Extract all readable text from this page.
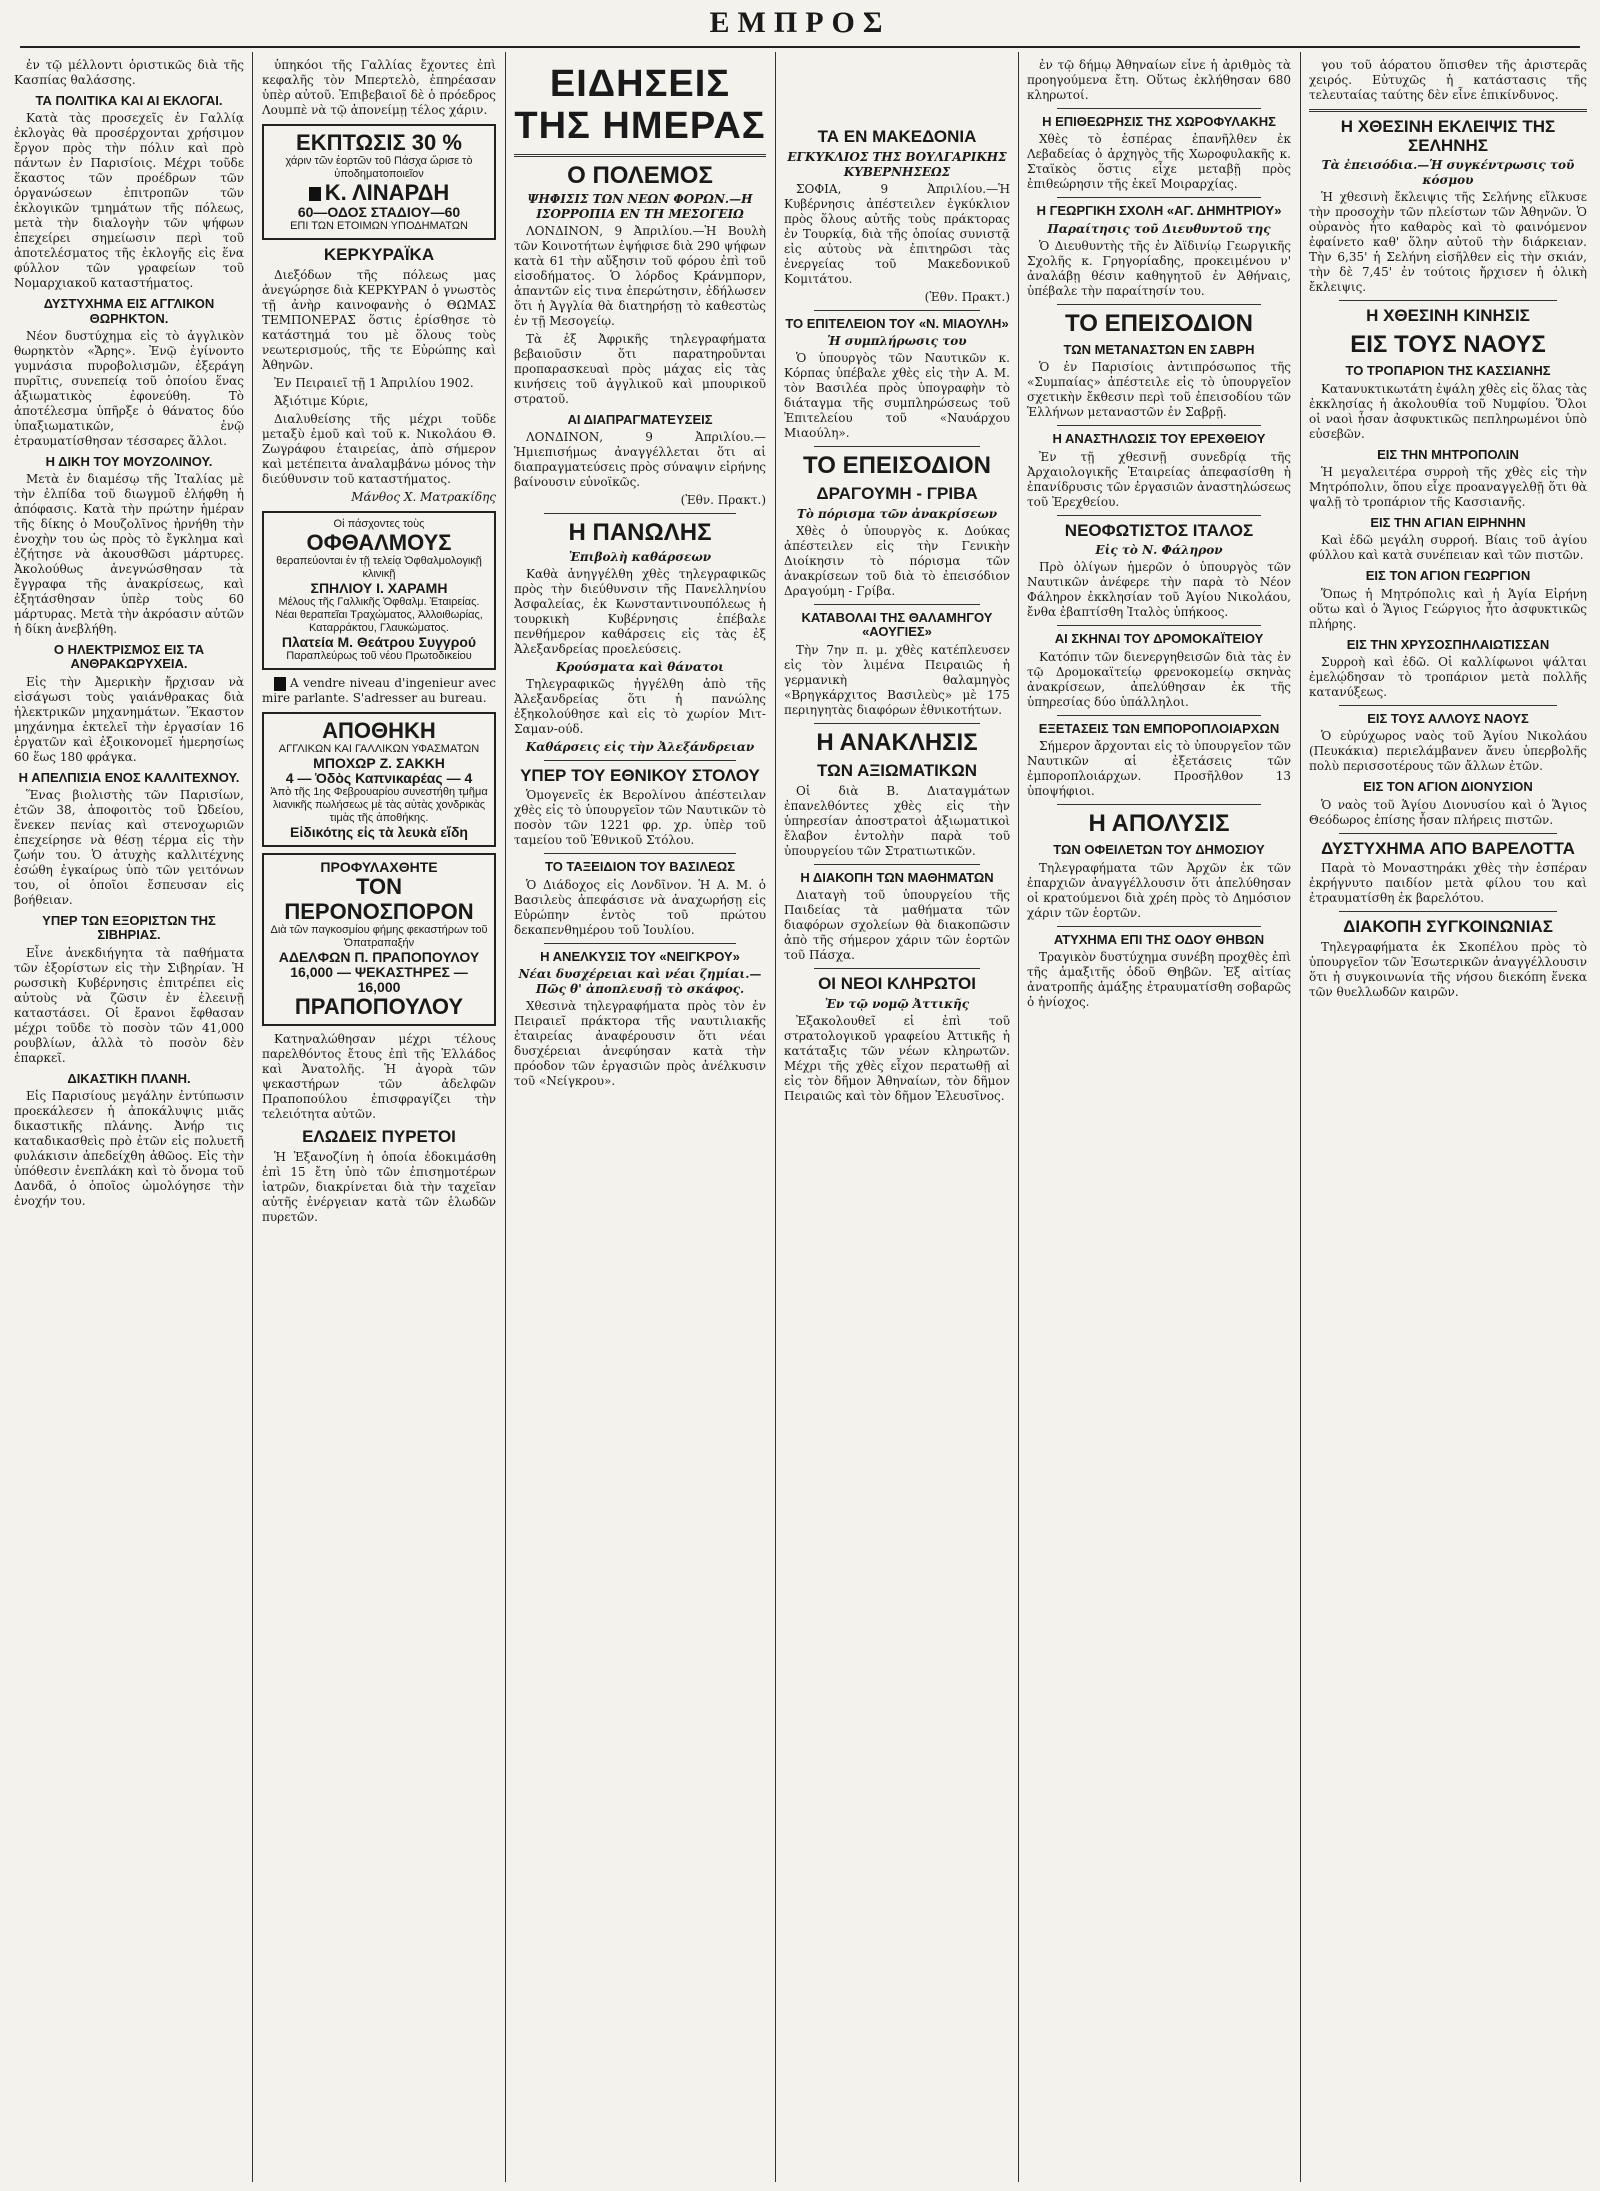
ΕΜΠΡΟΣ

ἐν τῷ μέλλοντι ὁριστικῶς διὰ τῆς Κασπίας θαλάσσης.

ΤΑ ΠΟΛΙΤΙΚΑ ΚΑΙ ΑΙ ΕΚΛΟΓΑΙ.

Κατὰ τὰς προσεχεῖς ἐν Γαλλίᾳ ἐκλογὰς θὰ προσέρχονται χρήσιμον ἔργον πρὸς τὴν πόλιν καὶ πρὸ πάντων ἐν Παρισίοις. Μέχρι τοῦδε ἕκαστος τῶν προέδρων τῶν ὁργανώσεων ἐπιτροπῶν τῶν ἐκλογικῶν τμημάτων τῆς πόλεως, μετὰ τὴν διαλογὴν τῶν ψήφων ἐπεχείρει σημείωσιν περὶ τοῦ ἀποτελέσματος τῆς ἐκλογῆς εἰς ἕνα φύλλον τῶν γραφείων τοῦ Νομαρχιακοῦ καταστήματος.

ΔΥΣΤΥΧΗΜΑ ΕΙΣ ΑΓΓΛΙΚΟΝ ΘΩΡΗΚΤΟΝ.

Νέον δυστύχημα εἰς τὸ ἀγγλικὸν θωρηκτὸν «Ἄρης». Ἐνῷ ἐγίνοντο γυμνάσια πυροβολισμῶν, ἐξεράγη πυρῖτις, συνεπείᾳ τοῦ ὁποίου ἕνας ἀξιωματικὸς ἐφονεύθη. Τὸ ἀποτέλεσμα ὑπῆρξε ὁ θάνατος δύο ὑπαξιωματικῶν, ἐνῷ ἐτραυματίσθησαν τέσσαρες ἄλλοι.

Η ΔΙΚΗ ΤΟΥ ΜΟΥΖΟΛΙΝΟΥ.

Μετὰ ἐν διαμέσῳ τῆς Ἰταλίας μὲ τὴν ἐλπίδα τοῦ διωγμοῦ ἐλήφθη ἡ ἀπόφασις. Κατὰ τὴν πρώτην ἡμέραν τῆς δίκης ὁ Μουζολῖνος ἠρνήθη τὴν ἐνοχὴν του ὡς πρὸς τὸ ἔγκλημα καὶ ἐζήτησε νὰ ἀκουσθῶσι μάρτυρες. Ἀκολούθως ἀνεγνώσθησαν τὰ ἔγγραφα τῆς ἀνακρίσεως, καὶ ἐξητάσθησαν ὑπὲρ τοὺς 60 μάρτυρας. Μετὰ τὴν ἀκρόασιν αὐτῶν ἡ δίκη ἀνεβλήθη.

Ο ΗΛΕΚΤΡΙΣΜΟΣ ΕΙΣ ΤΑ ΑΝΘΡΑΚΩΡΥΧΕΙΑ.

Εἰς τὴν Ἀμερικὴν ἤρχισαν νὰ εἰσάγωσι τοὺς γαιάνθρακας διὰ ἠλεκτρικῶν μηχανημάτων. Ἕκαστον μηχάνημα ἐκτελεῖ τὴν ἐργασίαν 16 ἐργατῶν καὶ ἐξοικονομεῖ ἡμερησίως 60 ἕως 180 φράγκα.

Η ΑΠΕΛΠΙΣΙΑ ΕΝΟΣ ΚΑΛΛΙΤΕΧΝΟΥ.

Ἕνας βιολιστὴς τῶν Παρισίων, ἐτῶν 38, ἀποφοιτὸς τοῦ Ὠδείου, ἕνεκεν πενίας καὶ στενοχωριῶν ἐπεχείρησε νὰ θέσῃ τέρμα εἰς τὴν ζωήν του. Ὁ ἀτυχὴς καλλιτέχνης ἐσώθη ἐγκαίρως ὑπὸ τῶν γειτόνων του, οἱ ὁποῖοι ἔσπευσαν εἰς βοήθειαν.

ΥΠΕΡ ΤΩΝ ΕΞΟΡΙΣΤΩΝ ΤΗΣ ΣΙΒΗΡΙΑΣ.

Εἶνε ἀνεκδιήγητα τὰ παθήματα τῶν ἐξορίστων εἰς τὴν Σιβηρίαν. Ἡ ρωσσικὴ Κυβέρνησις ἐπιτρέπει εἰς αὐτοὺς νὰ ζῶσιν ἐν ἐλεεινῇ καταστάσει. Οἱ ἔρανοι ἔφθασαν μέχρι τοῦδε τὸ ποσὸν τῶν 41,000 ρουβλίων, ἀλλὰ τὸ ποσὸν δὲν ἐπαρκεῖ.

ΔΙΚΑΣΤΙΚΗ ΠΛΑΝΗ.

Εἰς Παρισίους μεγάλην ἐντύπωσιν προεκάλεσεν ἡ ἀποκάλυψις μιᾶς δικαστικῆς πλάνης. Ἀνήρ τις καταδικασθεὶς πρὸ ἐτῶν εἰς πολυετῆ φυλάκισιν ἀπεδείχθη ἀθῶος. Εἰς τὴν ὑπόθεσιν ἐνεπλάκη καὶ τὸ ὄνομα τοῦ Δανδᾶ, ὁ ὁποῖος ὡμολόγησε τὴν ἐνοχήν του.

ὑπηκόοι τῆς Γαλλίας ἔχοντες ἐπὶ κεφαλῆς τὸν Μπερτελὸ, ἐπηρέασαν ὑπὲρ αὐτοῦ. Ἐπιβεβαιοῖ δὲ ὁ πρόεδρος Λουμπὲ νὰ τῷ ἀπονείμῃ τέλος χάριν.

ΕΚΠΤΩΣΙΣ 30 %
χάριν τῶν ἑορτῶν τοῦ Πάσχα ὥρισε τὸ ὑποδηματοποιεῖον
Κ. ΛΙΝΑΡΔΗ
60—ΟΔΟΣ ΣΤΑΔΙΟΥ—60
ΕΠΙ ΤΩΝ ΕΤΟΙΜΩΝ ΥΠΟΔΗΜΑΤΩΝ
ΚΕΡΚΥΡΑΪΚΑ

Διεξόδων τῆς πόλεως μας ἀνεγώρησε διὰ ΚΕΡΚΥΡΑΝ ὁ γνωστὸς τῇ ἀνὴρ καινοφανὴς ὁ ΘΩΜΑΣ ΤΕΜΠΟΝΕΡΑΣ ὅστις ἐρίσθησε τὸ κατάστημά του μὲ ὅλους τοὺς νεωτερισμούς, τῆς τε Εὐρώπης καὶ Ἀθηνῶν.

Ἐν Πειραιεῖ τῇ 1 Ἀπριλίου 1902.

Ἀξιότιμε Κύριε,

Διαλυθείσης τῆς μέχρι τοῦδε μεταξὺ ἐμοῦ καὶ τοῦ κ. Νικολάου Θ. Ζωγράφου ἑταιρείας, ἀπὸ σήμερον καὶ μετέπειτα ἀναλαμβάνω μόνος τὴν διεύθυνσιν τοῦ καταστήματος.

Μάνθος Χ. Ματρακίδης

Οἱ πάσχοντες τοὺς
ΟΦΘΑΛΜΟΥΣ
θεραπεύονται ἐν τῇ τελείᾳ Ὀφθαλμολογικῇ κλινικῇ
ΣΠΗΛΙΟΥ Ι. ΧΑΡΑΜΗ
Μέλους τῆς Γαλλικῆς Ὀφθαλμ. Ἑταιρείας. Νέαι θεραπεῖαι Τραχώματος, Ἀλλοιθωρίας, Καταρράκτου, Γλαυκώματος.
Πλατεία Μ. Θεάτρου Συγγρού
Παραπλεύρως τοῦ νέου Πρωτοδικείου

A vendre niveau d'ingenieur avec mire parlante. S'adresser au bureau.

ΑΠΟΘΗΚΗ
ΑΓΓΛΙΚΩΝ ΚΑΙ ΓΑΛΛΙΚΩΝ ΥΦΑΣΜΑΤΩΝ
ΜΠΟΧΩΡ Ζ. ΣΑΚΚΗ
4 — Ὁδὸς Καπνικαρέας — 4
Ἀπὸ τῆς 1ης Φεβρουαρίου συνεστήθη τμῆμα λιανικῆς πωλήσεως μὲ τὰς αὐτὰς χονδρικὰς τιμὰς τῆς ἀποθήκης.
Εἰδικότης εἰς τὰ λευκὰ εἴδη
ΠΡΟΦΥΛΑΧΘΗΤΕ
ΤΟΝ ΠΕΡΟΝΟΣΠΟΡΟΝ
Διὰ τῶν παγκοσμίου φήμης φεκαστήρων τοῦ Ὀπατραπαξήν
ΑΔΕΛΦΩΝ Π. ΠΡΑΠΟΠΟΥΛΟΥ
16,000 — ΨΕΚΑΣΤΗΡΕΣ — 16,000
ΠΡΑΠΟΠΟΥΛΟΥ

Κατηναλώθησαν μέχρι τέλους παρελθόντος ἔτους ἐπὶ τῆς Ἑλλάδος καὶ Ἀνατολῆς. Ἡ ἀγορὰ τῶν ψεκαστήρων τῶν ἀδελφῶν Πραποπούλου ἐπισφραγίζει τὴν τελειότητα αὐτῶν.

ΕΛΩΔΕΙΣ ΠΥΡΕΤΟΙ

Ἡ Ἑξανοζίνη ἡ ὁποία ἐδοκιμάσθη ἐπὶ 15 ἔτη ὑπὸ τῶν ἐπισημοτέρων ἰατρῶν, διακρίνεται διὰ τὴν ταχεῖαν αὐτῆς ἐνέργειαν κατὰ τῶν ἑλωδῶν πυρετῶν.

ΕΙΔΗΣΕΙΣ ΤΗΣ ΗΜΕΡΑΣ
Ο ΠΟΛΕΜΟΣ
ΨΗΦΙΣΙΣ ΤΩΝ ΝΕΩΝ ΦΟΡΩΝ.—Η ΙΣΟΡΡΟΠΙΑ ΕΝ ΤΗ ΜΕΣΟΓΕΙΩ

ΛΟΝΔΙΝΟΝ, 9 Ἀπριλίου.—Ἡ Βουλὴ τῶν Κοινοτήτων ἐψήφισε διὰ 290 ψήφων κατὰ 61 τὴν αὔξησιν τοῦ φόρου ἐπὶ τοῦ εἰσοδήματος. Ὁ λόρδος Κράνμπορν, ἀπαντῶν εἰς τινα ἐπερώτησιν, ἐδήλωσεν ὅτι ἡ Ἀγγλία θὰ διατηρήσῃ τὸ καθεστὼς ἐν τῇ Μεσογείῳ.

Τὰ ἐξ Ἀφρικῆς τηλεγραφήματα βεβαιοῦσιν ὅτι παρατηροῦνται προπαρασκευαὶ πρὸς μάχας εἰς τὰς κινήσεις τοῦ ἀγγλικοῦ καὶ μπουρικοῦ στρατοῦ.

ΑΙ ΔΙΑΠΡΑΓΜΑΤΕΥΣΕΙΣ

ΛΟΝΔΙΝΟΝ, 9 Ἀπριλίου.—Ἡμιεπισήμως ἀναγγέλλεται ὅτι αἱ διαπραγματεύσεις πρὸς σύναψιν εἰρήνης βαίνουσιν εὐνοϊκῶς.

(Ἐθν. Πρακτ.)

Η ΠΑΝΩΛΗΣ
Ἐπιβολὴ καθάρσεων

Καθὰ ἀνηγγέλθη χθὲς τηλεγραφικῶς πρὸς τὴν διεύθυνσιν τῆς Πανελληνίου Ἀσφαλείας, ἐκ Κωνσταντινουπόλεως ἡ τουρκικὴ Κυβέρνησις ἐπέβαλε πενθήμερον καθάρσεις εἰς τὰς ἐξ Ἀλεξανδρείας προελεύσεις.

Κρούσματα καὶ θάνατοι

Τηλεγραφικῶς ἠγγέλθη ἀπὸ τῆς Ἀλεξανδρείας ὅτι ἡ πανώλης ἐξηκολούθησε καὶ εἰς τὸ χωρίον Μιτ-Σαμαν-ούδ.

Καθάρσεις εἰς τὴν Ἀλεξάνδρειαν
ΥΠΕΡ ΤΟΥ ΕΘΝΙΚΟΥ ΣΤΟΛΟΥ

Ὁμογενεῖς ἐκ Βερολίνου ἀπέστειλαν χθὲς εἰς τὸ ὑπουργεῖον τῶν Ναυτικῶν τὸ ποσὸν τῶν 1221 φρ. χρ. ὑπὲρ τοῦ ταμείου τοῦ Ἐθνικοῦ Στόλου.

ΤΟ ΤΑΞΕΙΔΙΟΝ ΤΟΥ ΒΑΣΙΛΕΩΣ

Ὁ Διάδοχος εἰς Λονδῖνον. Ἡ Α. Μ. ὁ Βασιλεὺς ἀπεφάσισε νὰ ἀναχωρήσῃ εἰς Εὐρώπην ἐντὸς τοῦ πρώτου δεκαπενθημέρου τοῦ Ἰουλίου.

Η ΑΝΕΛΚΥΣΙΣ ΤΟΥ «ΝΕΙΓΚΡΟΥ»
Νέαι δυσχέρειαι καὶ νέαι ζημίαι.—Πῶς θ' ἀποπλευσῇ τὸ σκάφος.

Χθεσινὰ τηλεγραφήματα πρὸς τὸν ἐν Πειραιεῖ πράκτορα τῆς ναυτιλιακῆς ἑταιρείας ἀναφέρουσιν ὅτι νέαι δυσχέρειαι ἀνεφύησαν κατὰ τὴν πρόοδον τῶν ἐργασιῶν πρὸς ἀνέλκυσιν τοῦ «Νείγκρου».

ΤΑ ΕΝ ΜΑΚΕΔΟΝΙΑ
ΕΓΚΥΚΛΙΟΣ ΤΗΣ ΒΟΥΛΓΑΡΙΚΗΣ ΚΥΒΕΡΝΗΣΕΩΣ

ΣΟΦΙΑ, 9 Ἀπριλίου.—Ἡ Κυβέρνησις ἀπέστειλεν ἐγκύκλιον πρὸς ὅλους αὐτῆς τοὺς πράκτορας ἐν Τουρκίᾳ, διὰ τῆς ὁποίας συνιστᾷ εἰς αὐτοὺς νὰ ἐπιτηρῶσι τὰς ἐνεργείας τοῦ Μακεδονικοῦ Κομιτάτου.

(Ἐθν. Πρακτ.)

ΤΟ ΕΠΙΤΕΛΕΙΟΝ ΤΟΥ «Ν. ΜΙΑΟΥΛΗ»
Ἡ συμπλήρωσις του

Ὁ ὑπουργὸς τῶν Ναυτικῶν κ. Κόρπας ὑπέβαλε χθὲς εἰς τὴν Α. Μ. τὸν Βασιλέα πρὸς ὑπογραφὴν τὸ διάταγμα τῆς συμπληρώσεως τοῦ Ἐπιτελείου τοῦ «Ναυάρχου Μιαούλη».

ΤΟ ΕΠΕΙΣΟΔΙΟΝ
ΔΡΑΓΟΥΜΗ - ΓΡΙΒΑ
Τὸ πόρισμα τῶν ἀνακρίσεων

Χθὲς ὁ ὑπουργὸς κ. Δούκας ἀπέστειλεν εἰς τὴν Γενικὴν Διοίκησιν τὸ πόρισμα τῶν ἀνακρίσεων τοῦ διὰ τὸ ἐπεισόδιον Δραγούμη - Γρίβα.

ΚΑΤΑΒΟΛΑΙ ΤΗΣ ΘΑΛΑΜΗΓΟΥ «ΑΟΥΓΙΕΣ»

Τὴν 7ην π. μ. χθὲς κατέπλευσεν εἰς τὸν λιμένα Πειραιῶς ἡ γερμανικὴ θαλαμηγὸς «Βρηγκάρχιτος Βασιλεὺς» μὲ 175 περιηγητὰς διαφόρων ἐθνικοτήτων.

Η ΑΝΑΚΛΗΣΙΣ
ΤΩΝ ΑΞΙΩΜΑΤΙΚΩΝ

Οἱ διὰ Β. Διαταγμάτων ἐπανελθόντες χθὲς εἰς τὴν ὑπηρεσίαν ἀποστρατοὶ ἀξιωματικοὶ ἔλαβον ἐντολὴν παρὰ τοῦ ὑπουργείου τῶν Στρατιωτικῶν.

Η ΔΙΑΚΟΠΗ ΤΩΝ ΜΑΘΗΜΑΤΩΝ

Διαταγὴ τοῦ ὑπουργείου τῆς Παιδείας τὰ μαθήματα τῶν διαφόρων σχολείων θὰ διακοπῶσιν ἀπὸ τῆς σήμερον χάριν τῶν ἑορτῶν τοῦ Πάσχα.

ΟΙ ΝΕΟΙ ΚΛΗΡΩΤΟΙ
Ἐν τῷ νομῷ Ἀττικῆς

Ἐξακολουθεῖ εἰ ἐπὶ τοῦ στρατολογικοῦ γραφείου Ἀττικῆς ἡ κατάταξις τῶν νέων κληρωτῶν. Μέχρι τῆς χθὲς εἶχον περατωθῇ αἱ εἰς τὸν δῆμον Ἀθηναίων, τὸν δῆμον Πειραιῶς καὶ τὸν δῆμον Ἐλευσῖνος.

ἐν τῷ δήμῳ Ἀθηναίων εἶνε ἡ ἀριθμὸς τὰ προηγούμενα ἔτη. Οὕτως ἐκλήθησαν 680 κληρωτοί.

Η ΕΠΙΘΕΩΡΗΣΙΣ ΤΗΣ ΧΩΡΟΦΥΛΑΚΗΣ

Χθὲς τὸ ἑσπέρας ἐπανῆλθεν ἐκ Λεβαδείας ὁ ἀρχηγὸς τῆς Χωροφυλακῆς κ. Σταϊκὸς ὅστις εἶχε μεταβῇ πρὸς ἐπιθεώρησιν τῆς ἐκεῖ Μοιραρχίας.

Η ΓΕΩΡΓΙΚΗ ΣΧΟΛΗ «ΑΓ. ΔΗΜΗΤΡΙΟΥ»
Παραίτησις τοῦ Διευθυντοῦ της

Ὁ Διευθυντὴς τῆς ἐν Ἀϊδινίῳ Γεωργικῆς Σχολῆς κ. Γρηγορίαδης, προκειμένου ν' ἀναλάβῃ θέσιν καθηγητοῦ ἐν Ἀθήναις, ὑπέβαλε τὴν παραίτησίν του.

ΤΟ ΕΠΕΙΣΟΔΙΟΝ
ΤΩΝ ΜΕΤΑΝΑΣΤΩΝ ΕΝ ΣΑΒΡΗ

Ὁ ἐν Παρισίοις ἀντιπρόσωπος τῆς «Συμπαίας» ἀπέστειλε εἰς τὸ ὑπουργεῖον σχετικὴν ἔκθεσιν περὶ τοῦ ἐπεισοδίου τῶν Ἑλλήνων μεταναστῶν ἐν Σαβρῇ.

Η ΑΝΑΣΤΗΛΩΣΙΣ ΤΟΥ ΕΡΕΧΘΕΙΟΥ

Ἐν τῇ χθεσινῇ συνεδρίᾳ τῆς Ἀρχαιολογικῆς Ἑταιρείας ἀπεφασίσθη ἡ ἐπανίδρυσις τῶν ἐργασιῶν ἀναστηλώσεως τοῦ Ἐρεχθείου.

ΝΕΟΦΩΤΙΣΤΟΣ ΙΤΑΛΟΣ
Εἰς τὸ Ν. Φάληρον

Πρὸ ὀλίγων ἡμερῶν ὁ ὑπουργὸς τῶν Ναυτικῶν ἀνέφερε τὴν παρὰ τὸ Νέον Φάληρον ἐκκλησίαν τοῦ Ἁγίου Νικολάου, ἔνθα ἐβαπτίσθη Ἰταλὸς ὑπήκοος.

ΑΙ ΣΚΗΝΑΙ ΤΟΥ ΔΡΟΜΟΚΑΪΤΕΙΟΥ

Κατόπιν τῶν διενεργηθεισῶν διὰ τὰς ἐν τῷ Δρομοκαϊτείῳ φρενοκομείῳ σκηνὰς ἀνακρίσεων, ἀπελύθησαν ἐκ τῆς ὑπηρεσίας δύο ὑπάλληλοι.

ΕΞΕΤΑΣΕΙΣ ΤΩΝ ΕΜΠΟΡΟΠΛΟΙΑΡΧΩΝ

Σήμερον ἄρχονται εἰς τὸ ὑπουργεῖον τῶν Ναυτικῶν αἱ ἐξετάσεις τῶν ἐμποροπλοιάρχων. Προσῆλθον 13 ὑποψήφιοι.

Η ΑΠΟΛΥΣΙΣ
ΤΩΝ ΟΦΕΙΛΕΤΩΝ ΤΟΥ ΔΗΜΟΣΙΟΥ

Τηλεγραφήματα τῶν Ἀρχῶν ἐκ τῶν ἐπαρχιῶν ἀναγγέλλουσιν ὅτι ἀπελύθησαν οἱ κρατούμενοι διὰ χρέη πρὸς τὸ Δημόσιον χάριν τῶν ἑορτῶν.

ΑΤΥΧΗΜΑ ΕΠΙ ΤΗΣ ΟΔΟΥ ΘΗΒΩΝ

Τραγικὸν δυστύχημα συνέβη προχθὲς ἐπὶ τῆς ἁμαξιτῆς ὁδοῦ Θηβῶν. Ἐξ αἰτίας ἀνατροπῆς ἁμάξης ἐτραυματίσθη σοβαρῶς ὁ ἡνίοχος.

γου τοῦ ἀόρατου ὅπισθεν τῆς ἀριστερᾶς χειρός. Εὐτυχῶς ἡ κατάστασις τῆς τελευταίας ταύτης δὲν εἶνε ἐπικίνδυνος.

Η ΧΘΕΣΙΝΗ ΕΚΛΕΙΨΙΣ ΤΗΣ ΣΕΛΗΝΗΣ
Τὰ ἐπεισόδια.—Ἡ συγκέντρωσις τοῦ κόσμου

Ἡ χθεσινὴ ἔκλειψις τῆς Σελήνης εἴλκυσε τὴν προσοχὴν τῶν πλείστων τῶν Ἀθηνῶν. Ὁ οὐρανὸς ἦτο καθαρὸς καὶ τὸ φαινόμενον ἐφαίνετο καθ' ὅλην αὐτοῦ τὴν διάρκειαν. Τὴν 6,35' ἡ Σελήνη εἰσῆλθεν εἰς τὴν σκιάν, τὴν δὲ 7,45' ἐν τούτοις ἤρχισεν ἡ ὁλικὴ ἔκλειψις.

Η ΧΘΕΣΙΝΗ ΚΙΝΗΣΙΣ
ΕΙΣ ΤΟΥΣ ΝΑΟΥΣ
ΤΟ ΤΡΟΠΑΡΙΟΝ ΤΗΣ ΚΑΣΣΙΑΝΗΣ

Κατανυκτικωτάτη ἐψάλη χθὲς εἰς ὅλας τὰς ἐκκλησίας ἡ ἀκολουθία τοῦ Νυμφίου. Ὅλοι οἱ ναοὶ ἦσαν ἀσφυκτικῶς πεπληρωμένοι ὑπὸ εὐσεβῶν.

ΕΙΣ ΤΗΝ ΜΗΤΡΟΠΟΛΙΝ

Ἡ μεγαλειτέρα συρροὴ τῆς χθὲς εἰς τὴν Μητρόπολιν, ὅπου εἶχε προαναγγελθῇ ὅτι θὰ ψαλῇ τὸ τροπάριον τῆς Κασσιανῆς.

ΕΙΣ ΤΗΝ ΑΓΙΑΝ ΕΙΡΗΝΗΝ

Καὶ ἐδῶ μεγάλη συρροή. Βίαις τοῦ ἀγίου φύλλου καὶ κατὰ συνέπειαν καὶ τῶν πιστῶν.

ΕΙΣ ΤΟΝ ΑΓΙΟΝ ΓΕΩΡΓΙΟΝ

Ὅπως ἡ Μητρόπολις καὶ ἡ Ἁγία Εἰρήνη οὕτω καὶ ὁ Ἅγιος Γεώργιος ἦτο ἀσφυκτικῶς πλήρης.

ΕΙΣ ΤΗΝ ΧΡΥΣΟΣΠΗΛΑΙΩΤΙΣΣΑΝ

Συρροὴ καὶ ἐδῶ. Οἱ καλλίφωνοι ψάλται ἐμελῴδησαν τὸ τροπάριον μετὰ πολλῆς κατανύξεως.

ΕΙΣ ΤΟΥΣ ΑΛΛΟΥΣ ΝΑΟΥΣ

Ὁ εὐρύχωρος ναὸς τοῦ Ἁγίου Νικολάου (Πευκάκια) περιελάμβανεν ἄνευ ὑπερβολῆς πολὺ περισσοτέρους τῶν ἄλλων ἐτῶν.

ΕΙΣ ΤΟΝ ΑΓΙΟΝ ΔΙΟΝΥΣΙΟΝ

Ὁ ναὸς τοῦ Ἁγίου Διονυσίου καὶ ὁ Ἅγιος Θεόδωρος ἐπίσης ἦσαν πλήρεις πιστῶν.

ΔΥΣΤΥΧΗΜΑ ΑΠΟ ΒΑΡΕΛΟΤΤΑ

Παρὰ τὸ Μοναστηράκι χθὲς τὴν ἑσπέραν ἐκρήγνυτο παιδίον μετὰ φίλου του καὶ ἐτραυματίσθη ἐκ βαρελότου.

ΔΙΑΚΟΠΗ ΣΥΓΚΟΙΝΩΝΙΑΣ

Τηλεγραφήματα ἐκ Σκοπέλου πρὸς τὸ ὑπουργεῖον τῶν Ἐσωτερικῶν ἀναγγέλλουσιν ὅτι ἡ συγκοινωνία τῆς νήσου διεκόπη ἕνεκα τῶν θυελλωδῶν καιρῶν.
